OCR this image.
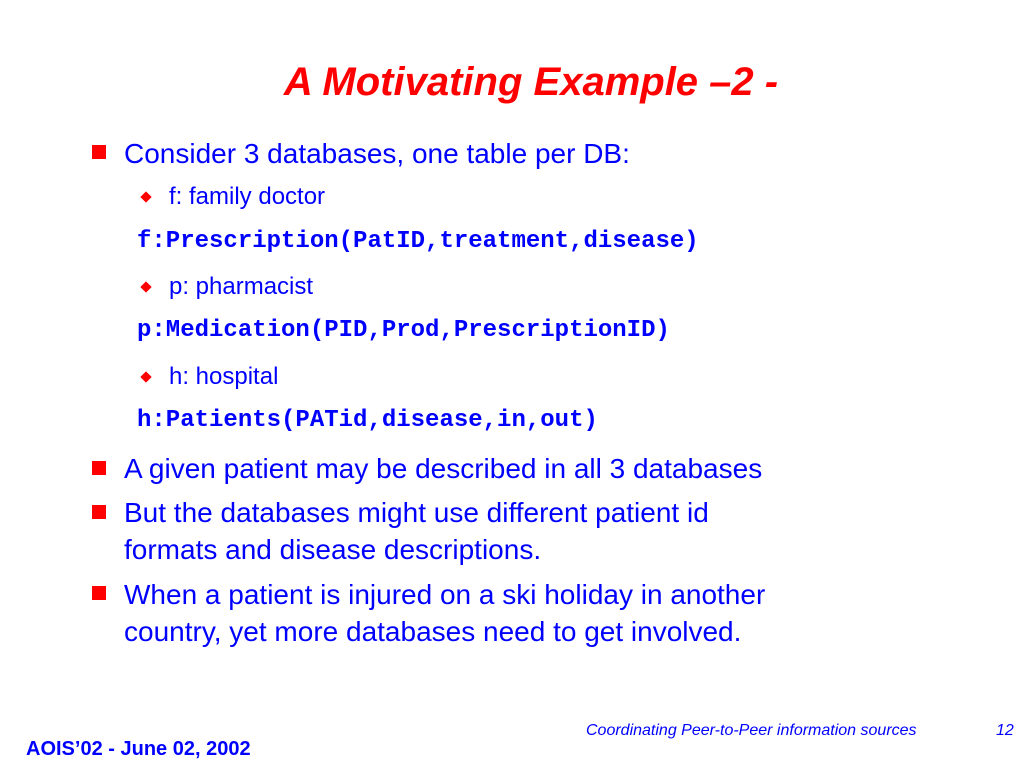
A Motivating Example –2 -
Consider 3 databases, one table per DB:
f: family doctor
f:Prescription(PatID,treatment,disease)
p: pharmacist
p:Medication(PID,Prod,PrescriptionID)
h: hospital
h:Patients(PATid,disease,in,out)
A given patient may be described in all 3 databases
But the databases might use different patient id
formats and disease descriptions.
When a patient is injured on a ski holiday in another
country, yet more databases need to get involved.
Coordinating Peer-to-Peer information sources	12
AOIS’02 - June 02, 2002
